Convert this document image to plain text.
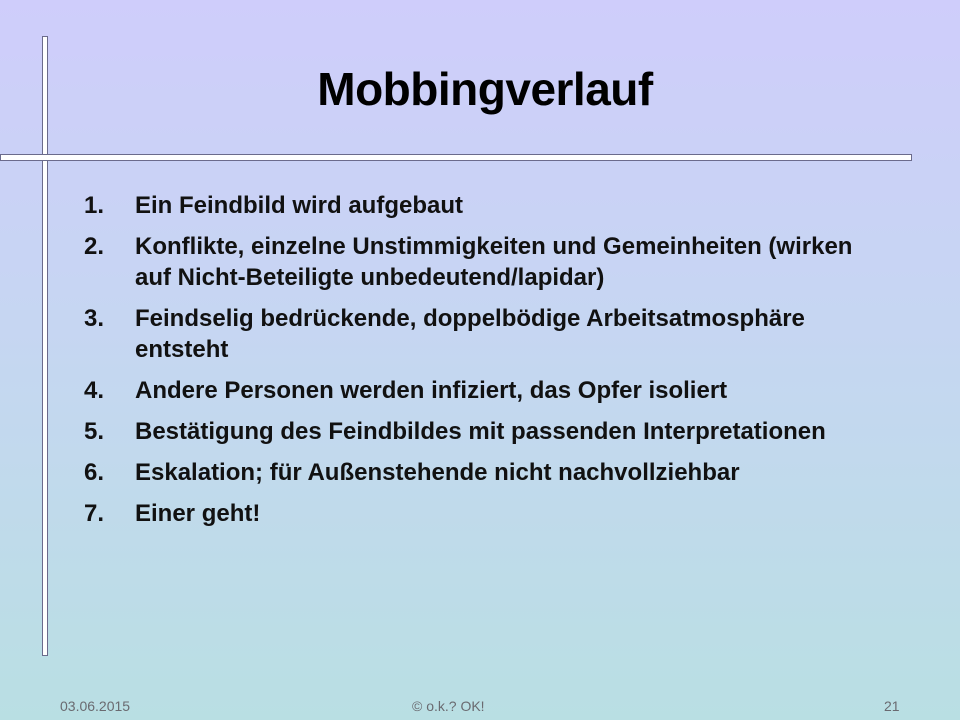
Mobbingverlauf
1.	Ein Feindbild wird aufgebaut
2.	Konflikte, einzelne Unstimmigkeiten und Gemeinheiten (wirken auf Nicht-Beteiligte unbedeutend/lapidar)
3.	Feindselig bedrückende, doppelbödige Arbeitsatmosphäre entsteht
4.	Andere Personen werden infiziert, das Opfer isoliert
5.	Bestätigung des Feindbildes mit passenden Interpretationen
6.	Eskalation; für Außenstehende nicht nachvollziehbar
7.	Einer geht!
03.06.2015	© o.k.? OK!	21
